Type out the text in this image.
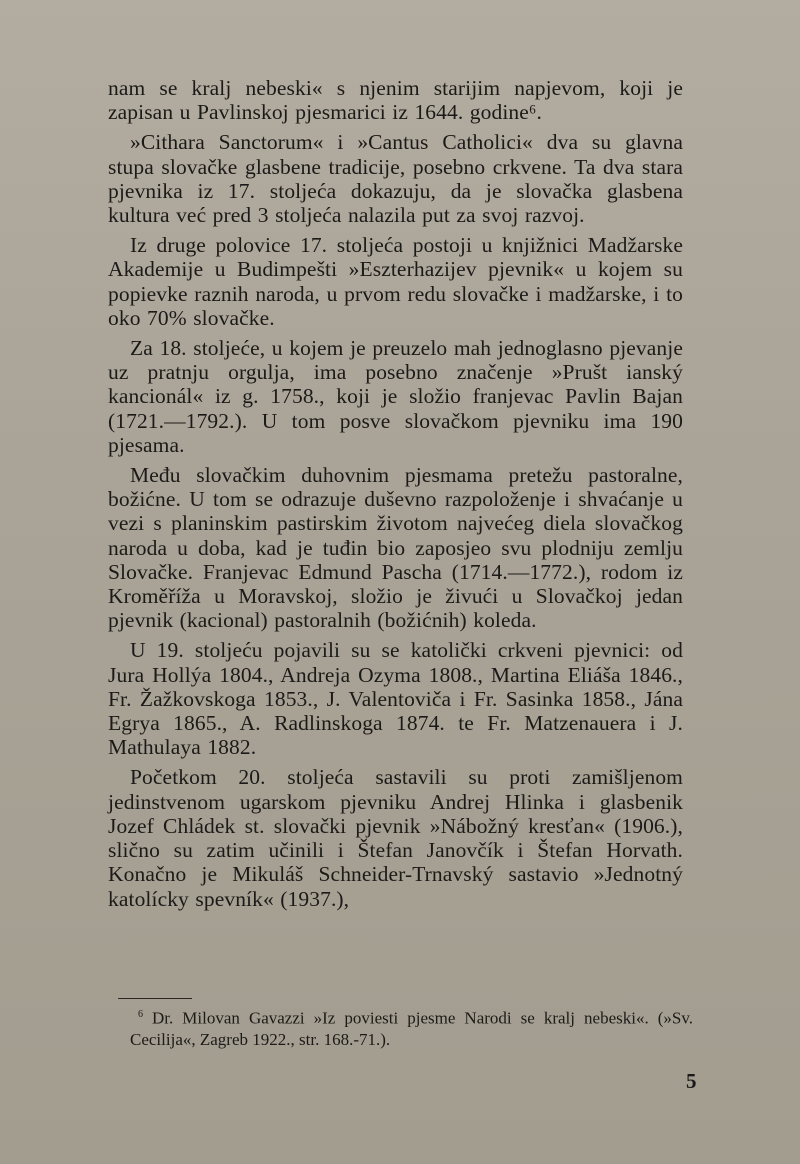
nam se kralj nebeski« s njenim starijim napjevom, koji je zapisan u Pavlinskoj pjesmarici iz 1644. godine⁶.

»Cithara Sanctorum« i »Cantus Catholici« dva su glavna stupa slovačke glasbene tradicije, posebno crkvene. Ta dva stara pjevnika iz 17. stoljeća dokazuju, da je slovačka glasbena kultura već pred 3 stoljeća nalazila put za svoj razvoj.

Iz druge polovice 17. stoljeća postoji u knjižnici Madžarske Akademije u Budimpešti »Eszterhazijev pjevnik« u kojem su popievke raznih naroda, u prvom redu slovačke i madžarske, i to oko 70% slovačke.

Za 18. stoljeće, u kojem je preuzelo mah jednoglasno pjevanje uz pratnju orgulja, ima posebno značenje »Prušt ianský kancionál« iz g. 1758., koji je složio franjevac Pavlin Bajan (1721.—1792.). U tom posve slovačkom pjevniku ima 190 pjesama.

Među slovačkim duhovnim pjesmama pretežu pastoralne, božićne. U tom se odrazuje duševno razpoloženje i shvaćanje u vezi s planinskim pastirskim životom najvećeg diela slovačkog naroda u doba, kad je tuđin bio zaposjeo svu plodniju zemlju Slovačke. Franjevac Edmund Pascha (1714.—1772.), rodom iz Kroměříža u Moravskoj, složio je živući u Slovačkoj jedan pjevnik (kacional) pastoralnih (božićnih) koleda.

U 19. stoljeću pojavili su se katolički crkveni pjevnici: od Jura Hollýa 1804., Andreja Ozyma 1808., Martina Eliáša 1846., Fr. Žažkovskoga 1853., J. Valentoviča i Fr. Sasinka 1858., Jána Egrya 1865., A. Radlinskoga 1874. te Fr. Matzenauera i J. Mathulaya 1882.

Početkom 20. stoljeća sastavili su proti zamišljenom jedinstvenom ugarskom pjevniku Andrej Hlinka i glasbenik Jozef Chládek st. slovački pjevnik »Nábožný kresťan« (1906.), slično su zatim učinili i Štefan Janovčík i Štefan Horvath. Konačno je Mikuláš Schneider-Trnavský sastavio »Jednotný katolícky spevník« (1937.),

$^6$ Dr. Milovan Gavazzi »Iz poviesti pjesme Narodi se kralj nebeski«. (»Sv. Cecilija«, Zagreb 1922., str. 168.-71.).
5
